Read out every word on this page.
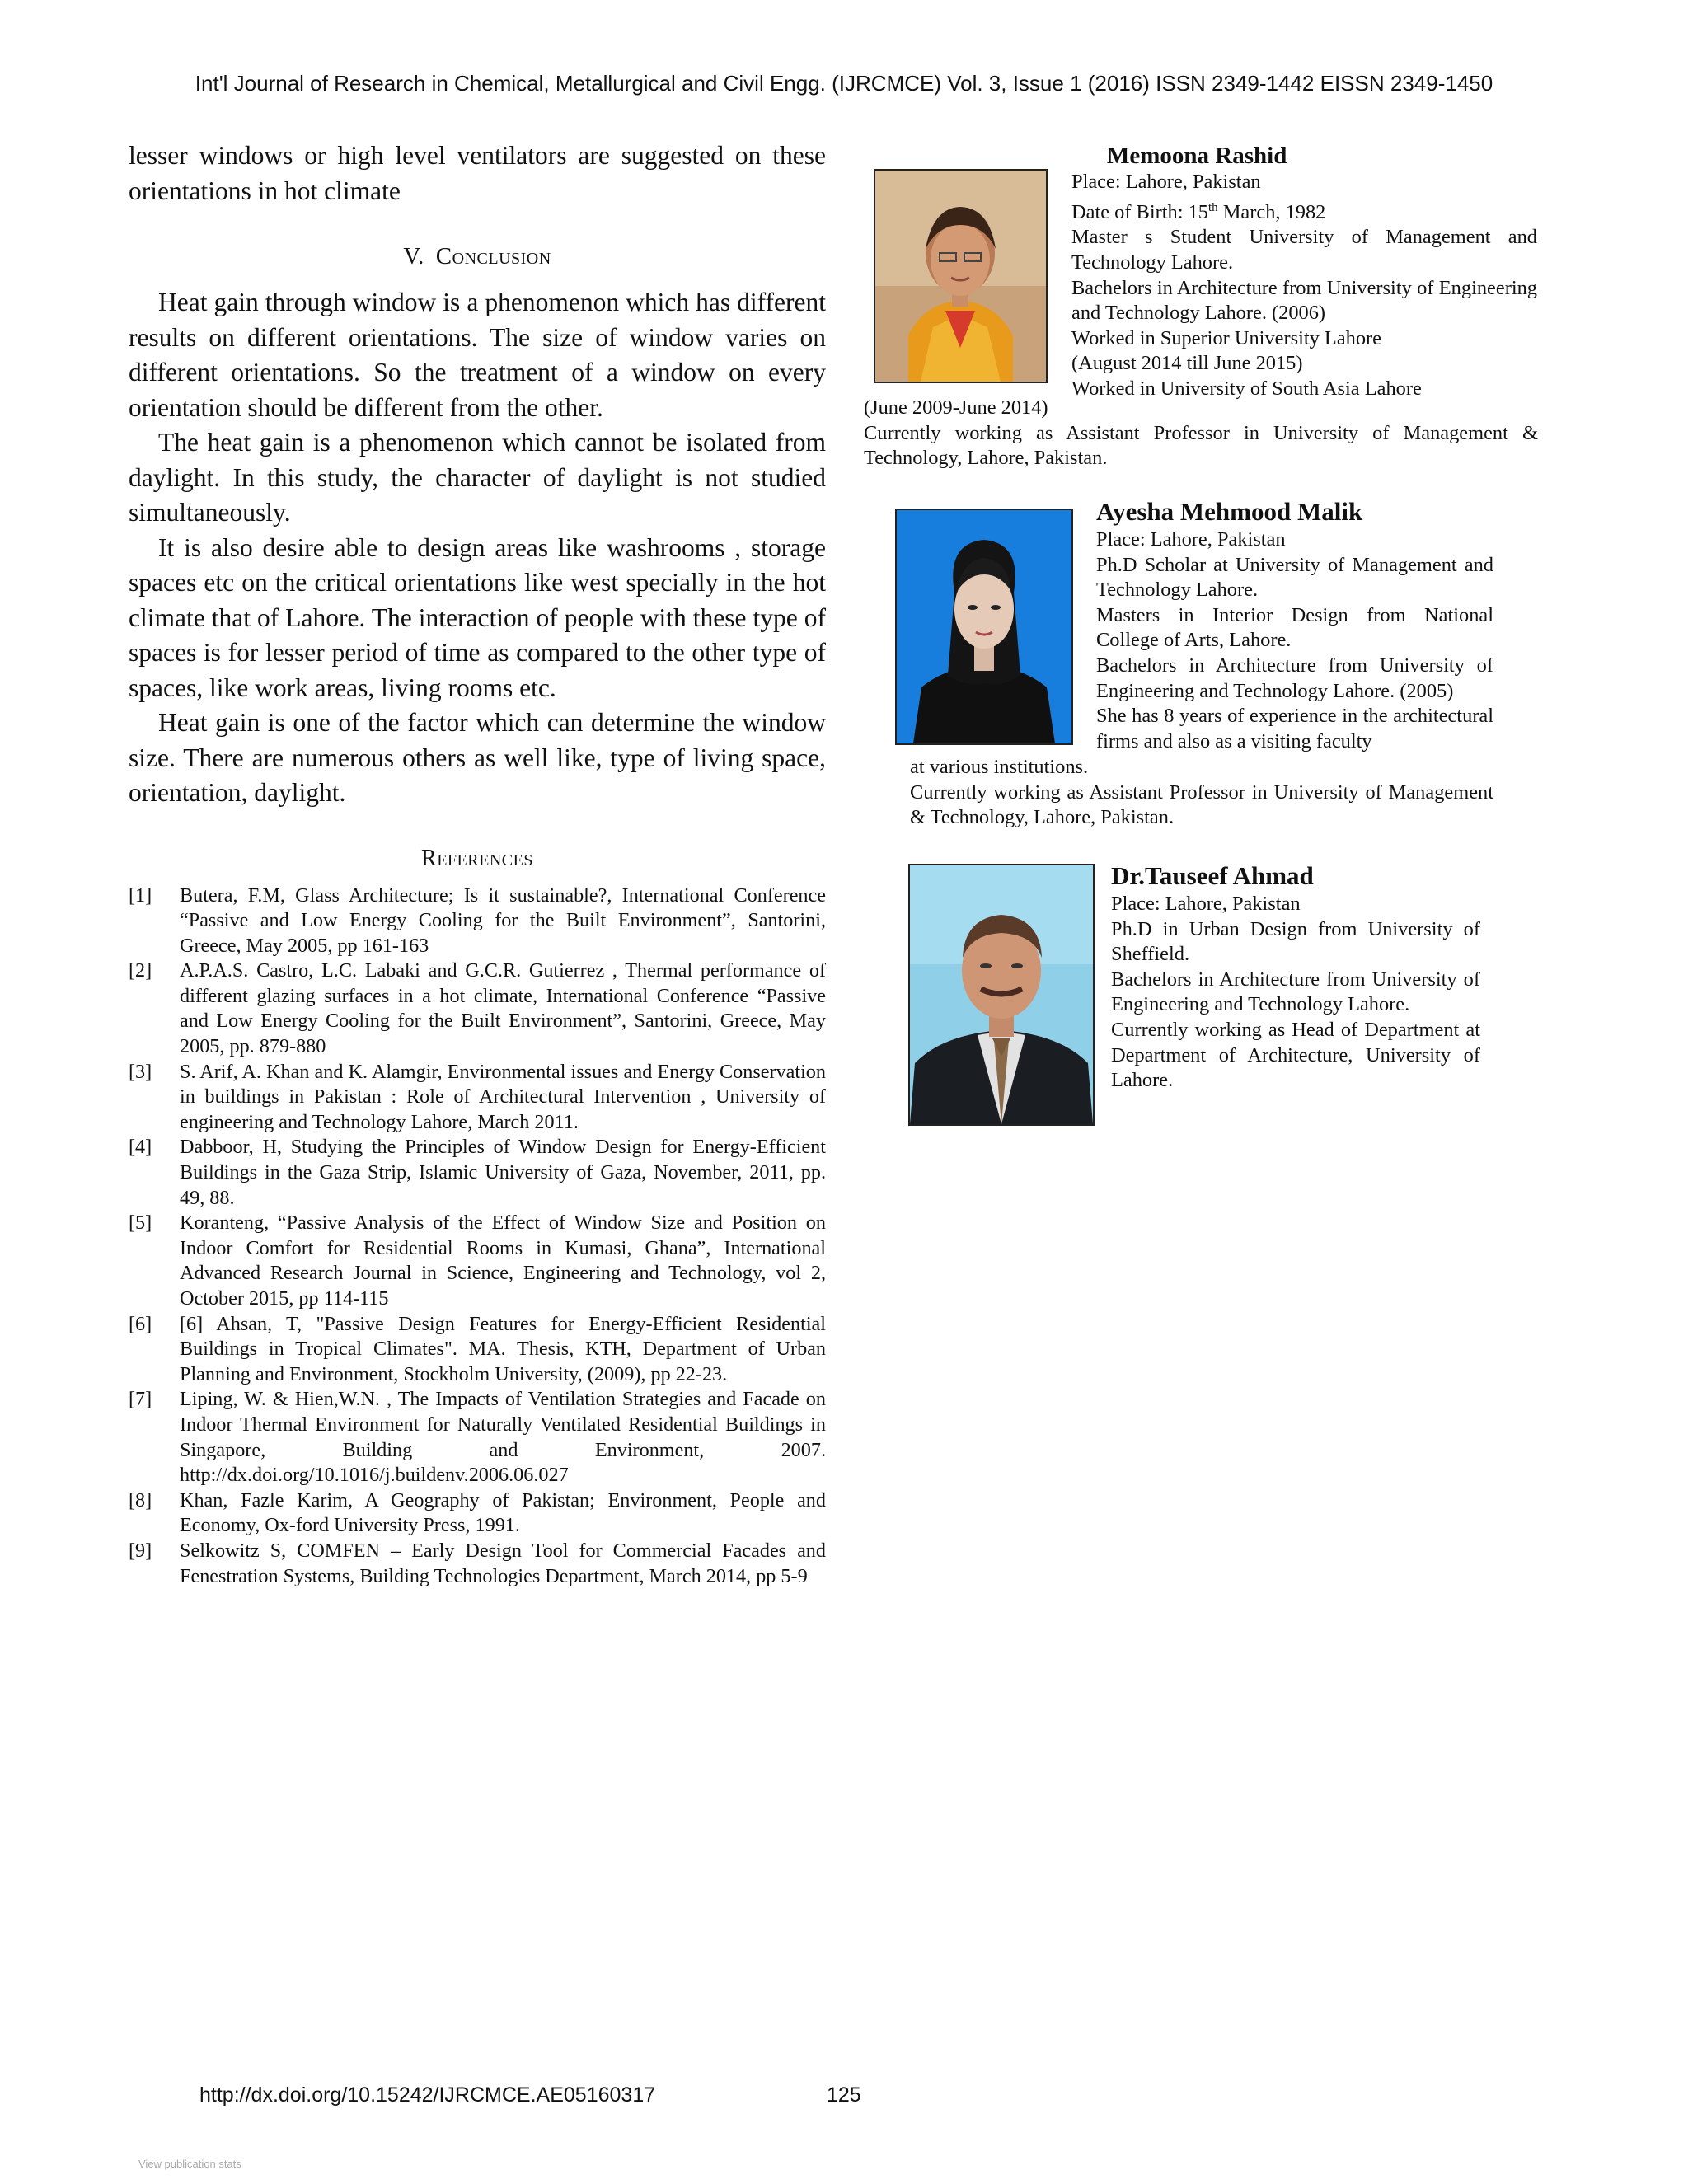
Int'l Journal of Research in Chemical, Metallurgical and Civil Engg. (IJRCMCE) Vol. 3, Issue 1 (2016) ISSN 2349-1442 EISSN 2349-1450

lesser windows or high level ventilators are suggested on these orientations in hot climate

V. Conclusion

Heat gain through window is a phenomenon which has different results on different orientations. The size of window varies on different orientations. So the treatment of a window on every orientation should be different from the other.

The heat gain is a phenomenon which cannot be isolated from daylight. In this study, the character of daylight is not studied simultaneously.

It is also desire able to design areas like washrooms , storage spaces etc on the critical orientations like west specially in the hot climate that of Lahore. The interaction of people with these type of spaces is for lesser period of time as compared to the other type of spaces, like work areas, living rooms etc.

Heat gain is one of the factor which can determine the window size. There are numerous others as well like, type of living space, orientation, daylight.

References
[1]	Butera, F.M, Glass Architecture; Is it sustainable?, International Conference “Passive and Low Energy Cooling for the Built Environment”, Santorini, Greece, May 2005, pp 161-163
[2]	A.P.A.S. Castro, L.C. Labaki and G.C.R. Gutierrez , Thermal performance of different glazing surfaces in a hot climate, International Conference “Passive and Low Energy Cooling for the Built Environment”, Santorini, Greece, May 2005, pp. 879-880
[3]	S. Arif, A. Khan and K. Alamgir, Environmental issues and Energy Conservation in buildings in Pakistan : Role of Architectural Intervention , University of engineering and Technology Lahore, March 2011.
[4]	Dabboor, H, Studying the Principles of Window Design for Energy-Efficient Buildings in the Gaza Strip, Islamic University of Gaza, November, 2011, pp. 49, 88.
[5]	Koranteng, “Passive Analysis of the Effect of Window Size and Position on Indoor Comfort for Residential Rooms in Kumasi, Ghana”, International Advanced Research Journal in Science, Engineering and Technology, vol 2, October 2015, pp 114-115
[6]	[6] Ahsan, T, "Passive Design Features for Energy-Efficient Residential Buildings in Tropical Climates". MA. Thesis, KTH, Department of Urban Planning and Environment, Stockholm University, (2009), pp 22-23.
[7]	Liping, W. & Hien,W.N. , The Impacts of Ventilation Strategies and Facade on Indoor Thermal Environment for Naturally Ventilated Residential Buildings in Singapore, Building and Environment, 2007. http://dx.doi.org/10.1016/j.buildenv.2006.06.027
[8]	Khan, Fazle Karim, A Geography of Pakistan; Environment, People and Economy, Ox-ford University Press, 1991.
[9]	Selkowitz S, COMFEN – Early Design Tool for Commercial Facades and Fenestration Systems, Building Technologies Department, March 2014, pp 5-9
Memoona Rashid
Place: Lahore, Pakistan
Date of Birth: 15th March, 1982
Master s Student University of Management and Technology Lahore.
Bachelors in Architecture from University of Engineering and Technology Lahore. (2006)
Worked in Superior University Lahore
(August 2014 till June 2015)
Worked in University of South Asia Lahore
(June 2009-June 2014)
Currently working as Assistant Professor in University of Management & Technology, Lahore, Pakistan.
Ayesha Mehmood Malik
Place: Lahore, Pakistan
Ph.D Scholar at University of Management and Technology Lahore.
Masters in Interior Design from National College of Arts, Lahore.
Bachelors in Architecture from University of Engineering and Technology Lahore. (2005)
She has 8 years of experience in the architectural firms and also as a visiting faculty
at various institutions.
Currently working as Assistant Professor in University of Management & Technology, Lahore, Pakistan.
Dr.Tauseef Ahmad
Place: Lahore, Pakistan
Ph.D in Urban Design from University of Sheffield.
Bachelors in Architecture from University of Engineering and Technology Lahore.
Currently working as Head of Department at Department of Architecture, University of Lahore.
http://dx.doi.org/10.15242/IJRCMCE.AE05160317	125
View publication stats
